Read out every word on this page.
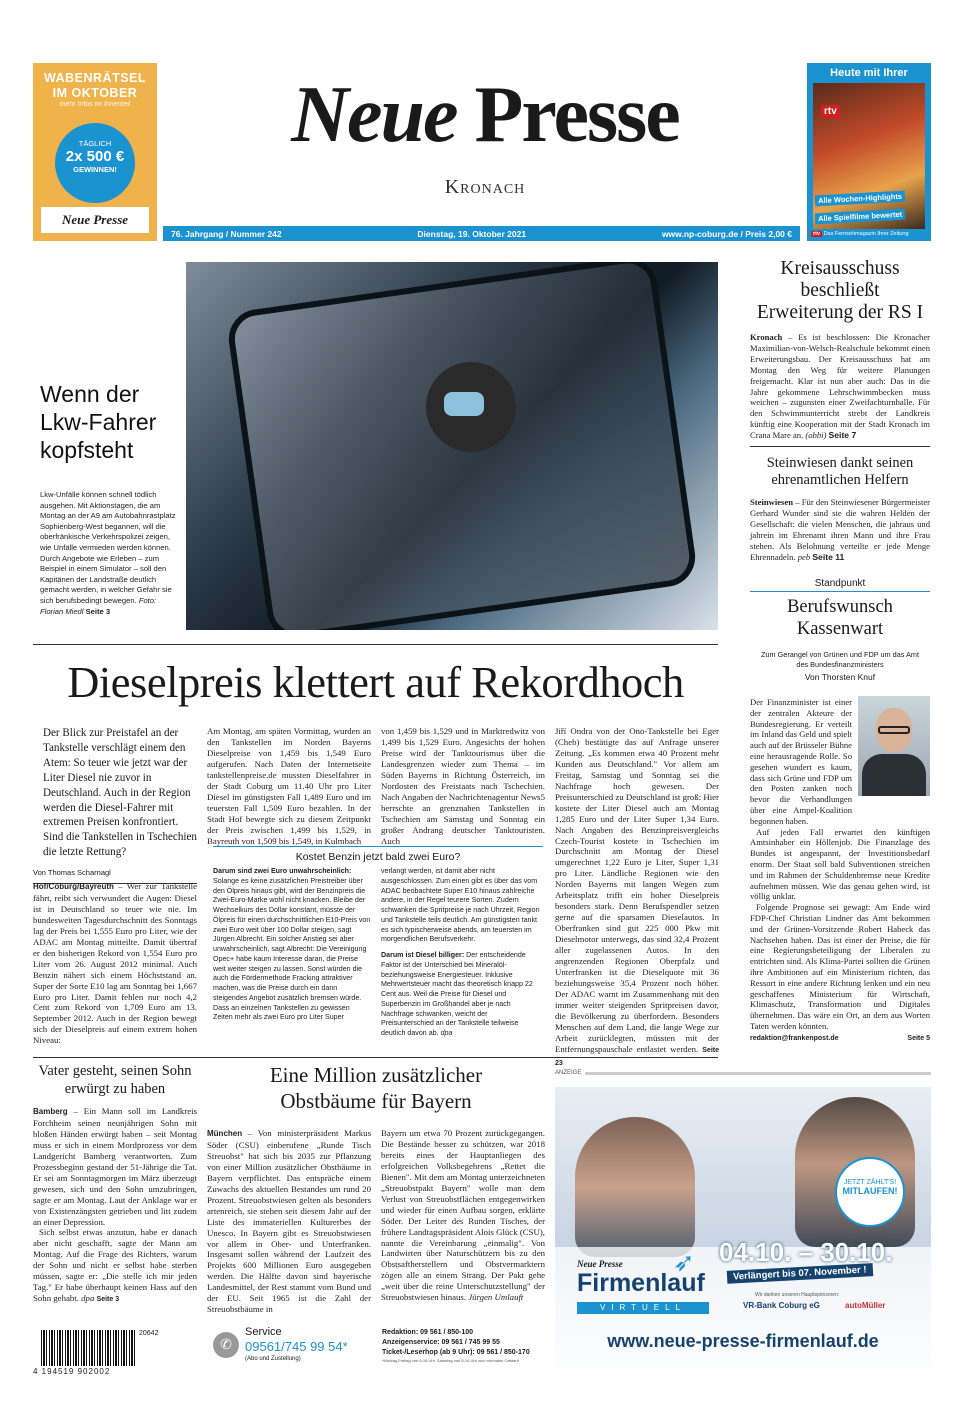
WABENRÄTSEL
IM OKTOBER
mehr Infos im Innenteil
TÄGLICH
2x 500 €
GEWINNEN!
Neue Presse
Neue Presse
Kronach
Heute mit Ihrer
rtv
Alle Wochen-Highlights
Alle Spielfilme bewertet
rtv Das Fernsehmagazin Ihrer Zeitung
76. Jahrgang / Nummer 242	Dienstag, 19. Oktober 2021	www.np-coburg.de / Preis 2,00 €
Wenn der Lkw-Fahrer kopfsteht
Lkw-Unfälle können schnell tödlich ausgehen. Mit Aktionstagen, die am Montag an der A9 am Autobahnrastplatz Sophienberg-West begannen, will die oberfränkische Verkehrspolizei zeigen, wie Unfälle vermieden werden können. Durch Angebote wie Erleben – zum Beispiel in einem Simulator – soll den Kapitänen der Landstraße deutlich gemacht werden, in welcher Gefahr sie sich berufsbedingt bewegen. Foto: Florian Miedl Seite 3
Kreisausschuss beschließt Erweiterung der RS I
Kronach – Es ist beschlossen: Die Kronacher Maximilian-von-Welsch-Realschule bekommt einen Erweiterungsbau. Der Kreisausschuss hat am Montag den Weg für weitere Planungen freigemacht. Klar ist nun aber auch: Das in die Jahre gekommene Lehrschwimmbecken muss weichen – zugunsten einer Zweifachturnhalle. Für den Schwimmunterricht strebt der Landkreis künftig eine Kooperation mit der Stadt Kronach im Crana Mare an. (obbi) Seite 7
Steinwiesen dankt seinen ehrenamtlichen Helfern
Steinwiesen – Für den Steinwiesener Bürgermeister Gerhard Wunder sind sie die wahren Helden der Gesellschaft: die vielen Menschen, die jahraus und jahrein im Ehrenamt ihren Mann und ihre Frau stehen. Als Belohnung verteilte er jede Menge Ehrennadeln. peb Seite 11
Standpunkt
Berufswunsch Kassenwart
Zum Gerangel von Grünen und FDP um das Amt des Bundesfinanzministers
Von Thorsten Knuf
Der Finanzminister ist einer der zentralen Akteure der Bundesregierung. Er verteilt im Inland das Geld und spielt auch auf der Brüsseler Bühne eine herausragende Rolle. So gesehen wundert es kaum, dass sich Grüne und FDP um den Posten zanken noch bevor die Verhandlungen über eine Ampel-Koalition begonnen haben.
Auf jeden Fall erwartet den künftigen Amtsinhaber ein Höllenjob. Die Finanzlage des Bundes ist angespannt, der Investitionsbedarf enorm. Der Staat soll bald Subventionen streichen und im Rahmen der Schuldenbremse neue Kredite aufnehmen müssen. Wie das genau gehen wird, ist völlig unklar.
Folgende Prognose sei gewagt: Am Ende wird FDP-Chef Christian Lindner das Amt bekommen und der Grünen-Vorsitzende Robert Habeck das Nachsehen haben. Das ist einer der Preise, die für eine Regierungsbeteiligung der Liberalen zu entrichten sind. Als Klima-Partei sollten die Grünen ihre Ambitionen auf ein Ministerium richten, das Ressort in eine andere Richtung lenken und ein neu geschaffenes Ministerium für Wirtschaft, Klimaschutz, Transformation und Digitales übernehmen. Das wäre ein Ort, an dem aus Worten Taten werden könnten.
redaktion@frankenpost.de	Seite 5
Dieselpreis klettert auf Rekordhoch
Der Blick zur Preistafel an der Tankstelle verschlägt einem den Atem: So teuer wie jetzt war der Liter Diesel nie zuvor in Deutschland. Auch in der Region werden die Diesel-Fahrer mit extremen Preisen konfrontiert. Sind die Tankstellen in Tschechien die letzte Rettung?
Von Thomas Scharnagl
Hof/Coburg/Bayreuth – Wer zur Tankstelle fährt, reibt sich verwundert die Augen: Diesel ist in Deutschland so teuer wie nie. Im bundesweiten Tagesdurchschnitt des Sonntags lag der Preis bei 1,555 Euro pro Liter, wie der ADAC am Montag mitteilte. Damit übertraf er den bisherigen Rekord von 1,554 Euro pro Liter vom 26. August 2012 minimal. Auch Benzin nähert sich einem Höchststand an. Super der Sorte E10 lag am Sonntag bei 1,667 Euro pro Liter. Damit fehlen nur noch 4,2 Cent zum Rekord von 1,709 Euro am 13. September 2012. Auch in der Region bewegt sich der Dieselpreis auf einem extrem hohen Niveau:
Am Montag, am späten Vormittag, wurden an den Tankstellen im Norden Bayerns Dieselpreise von 1,459 bis 1,549 Euro aufgerufen. Nach Daten der Internetseite tankstellenpreise.de mussten Dieselfahrer in der Stadt Coburg um 11.40 Uhr pro Liter Diesel im günstigsten Fall 1,489 Euro und im teuersten Fall 1,509 Euro bezahlen. In der Stadt Hof bewegte sich zu diesem Zeitpunkt der Preis zwischen 1,499 bis 1,529, in Bayreuth von 1,509 bis 1,549, in Kulmbach
von 1,459 bis 1,529 und in Marktredwitz von 1,499 bis 1,529 Euro. Angesichts der hohen Preise wird der Tanktourismus über die Landesgrenzen wieder zum Thema – im Süden Bayerns in Richtung Österreich, im Nordosten des Freistaats nach Tschechien. Nach Angaben der Nachrichtenagentur News5 herrschte an grenznahen Tankstellen in Tschechien am Samstag und Sonntag ein großer Andrang deutscher Tanktouristen. Auch
Jiří Ondra von der Ono-Tankstelle bei Eger (Cheb) bestätigte das auf Anfrage unserer Zeitung. „Es kommen etwa 40 Prozent mehr Kunden aus Deutschland." Vor allem am Freitag, Samstag und Sonntag sei die Nachfrage hoch gewesen. Der Preisunterschied zu Deutschland ist groß: Hier kostete der Liter Diesel auch am Montag 1,285 Euro und der Liter Super 1,34 Euro. Nach Angaben des Benzinpreisvergleichs Czech-Tourist kostete in Tschechien im Durchschnitt am Montag der Diesel umgerechnet 1,22 Euro je Liter, Super 1,31 pro Liter. Ländliche Regionen wie den Norden Bayerns mit langen Wegen zum Arbeitsplatz trifft ein hoher Dieselpreis besonders stark. Denn Berufspendler setzen gerne auf die sparsamen Dieselautos. In Oberfranken sind gut 225 000 Pkw mit Dieselmotor unterwegs, das sind 32,4 Prozent aller zugelassenen Autos. In den angrenzenden Regionen Oberpfalz und Unterfranken ist die Dieselquote mit 36 beziehungsweise 35,4 Prozent noch höher. Der ADAC warnt im Zusammenhang mit den immer weiter steigenden Spritpreisen davor, die Bevölkerung zu überfordern. Besonders Menschen auf dem Land, die lange Wege zur Arbeit zurücklegten, müssten mit der Entfernungspauschale entlastet werden. Seite 23
Kostet Benzin jetzt bald zwei Euro?
Darum sind zwei Euro unwahrscheinlich: Solange es keine zusätzlichen Preistreiber über den Ölpreis hinaus gibt, wird der Benzinpreis die Zwei-Euro-Marke wohl nicht knacken. Bleibe der Wechselkurs des Dollar konstant, müsste der Ölpreis für einen durchschnittlichen E10-Preis von zwei Euro weit über 100 Dollar steigen, sagt Jürgen Albrecht. Ein solcher Anstieg sei aber unwahrscheinlich, sagt Albrecht: Die Vereinigung Opec+ habe kaum Interesse daran, die Preise weit weiter steigen zu lassen. Sonst würden die auch die Fördermethode Fracking attraktiver machen, was die Preise durch ein dann steigendes Angebot zusätzlich bremsen würde. Dass an einzelnen Tankstellen zu gewissen Zeiten mehr als zwei Euro pro Liter Super
verlangt werden, ist damit aber nicht ausgeschlossen. Zum einen gibt es über das vom ADAC beobachtete Super E10 hinaus zahlreiche andere, in der Regel teurere Sorten. Zudem schwanken die Spritpreise je nach Uhrzeit, Region und Tankstelle teils deutlich. Am günstigsten tankt es sich typischerweise abends, am teuersten im morgendlichen Berufsverkehr.
Darum ist Diesel billiger: Der entscheidende Faktor ist der Unterschied bei Mineralöl- beziehungsweise Energiesteuer. Inklusive Mehrwertsteuer macht das theoretisch knapp 22 Cent aus. Weil die Preise für Diesel und Superbenzin im Großhandel aber je nach Nachfrage schwanken, weicht der Preisunterschied an der Tankstelle teilweise deutlich davon ab. dpa
Vater gesteht, seinen Sohn erwürgt zu haben
Bamberg – Ein Mann soll im Landkreis Forchheim seinen neunjährigen Sohn mit bloßen Händen erwürgt haben – seit Montag muss er sich in einem Mordprozess vor dem Landgericht Bamberg verantworten. Zum Prozessbeginn gestand der 51-Jährige die Tat. Er sei am Sonntagmorgen im März überzeugt gewesen, sich und den Sohn umzubringen, sagte er am Montag. Laut der Anklage war er von Existenzängsten getrieben und litt zudem an einer Depression.
Sich selbst etwas anzutun, habe er danach aber nicht geschafft, sagte der Mann am Montag. Auf die Frage des Richters, warum der Sohn und nicht er selbst habe sterben müssen, sagte er: „Die stelle ich mir jeden Tag." Er habe überhaupt keinen Hass auf den Sohn gehabt. dpa Seite 3
Eine Million zusätzlicher Obstbäume für Bayern
München – Von ministerpräsident Markus Söder (CSU) einberufene „Runde Tisch Streuobst" hat sich bis 2035 zur Pflanzung von einer Million zusätzlicher Obstbäume in Bayern verpflichtet. Das entspräche einem Zuwachs des aktuellen Bestandes um rund 20 Prozent. Streuobstwiesen gelten als besonders artenreich, sie stehen seit diesem Jahr auf der Liste des immateriellen Kulturerbes der Unesco. In Bayern gibt es Streuobstwiesen vor allem in Ober- und Unterfranken. Insgesamt sollen während der Laufzeit des Projekts 600 Millionen Euro ausgegeben werden. Die Hälfte davon sind bayerische Landesmittel, der Rest stammt vom Bund und der EU. Seit 1965 ist die Zahl der Streuobstbäume in
Bayern um etwa 70 Prozent zurückgegangen. Die Bestände besser zu schützen, war 2018 bereits eines der Hauptanliegen des erfolgreichen Volksbegehrens „Rettet die Bienen". Mit dem am Montag unterzeichneten „Streuobstpakt Bayern" wolle man dem Verlust von Streuobstflächen entgegenwirken und wieder für einen Aufbau sorgen, erklärte Söder. Der Leiter des Runden Tisches, der frühere Landtagspräsident Alois Glück (CSU), nannte die Vereinbarung „einmalig". Von Landwirten über Naturschützern bis zu den Obstsaftherstellern und Obstvermarktern zögen alle an einem Strang. Der Pakt gehe „weit über die reine Unterschutzstellung" der Streuobstwiesen hinaus. Jürgen Umlauft
ANZEIGE
JETZT ZÄHLT'S!
MITLAUFEN!
Neue Presse
Firmenlauf
VIRTUELL
➶ 04.10. – 30.10.
Verlängert bis 07. November !
Wir danken unseren Hauptsponsoren:
VR-Bank Coburg eG	autoMüller
www.neue-presse-firmenlauf.de
20642
4 194519 902002
✆
Service
09561/745 99 54*
(Abo und Zustellung)
Redaktion: 09 561 / 850-100
Anzeigenservice: 09 561 / 745 99 55
Ticket-/Leserhop (ab 9 Uhr): 09 561 / 850-170
*Montag-Freitag von 6-18 Uhr, Samstag von 6-14 Uhr zum normalen Ortstarif
